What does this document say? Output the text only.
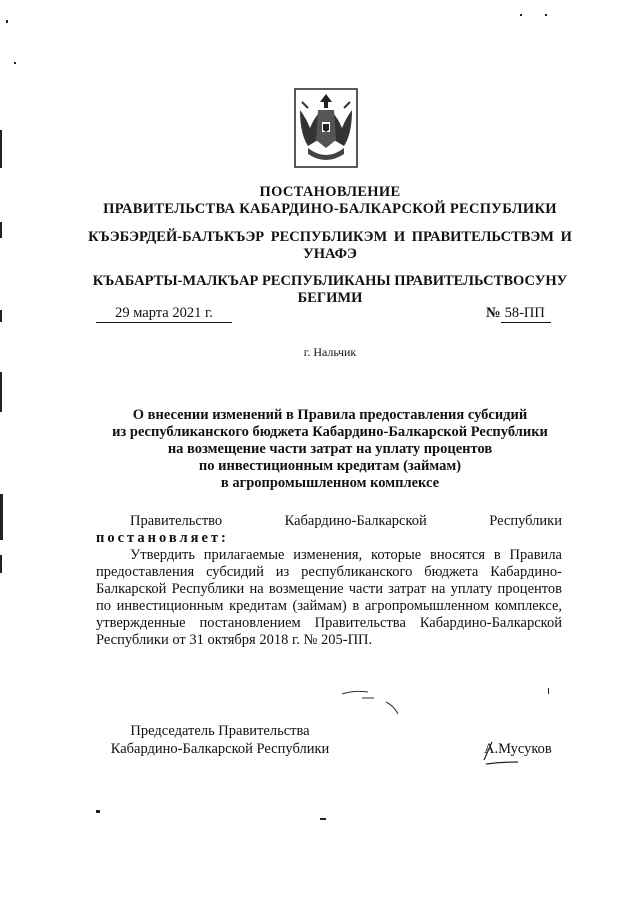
ПОСТАНОВЛЕНИЕ
ПРАВИТЕЛЬСТВА КАБАРДИНО-БАЛКАРСКОЙ РЕСПУБЛИКИ
КЪЭБЭРДЕЙ-БАЛЪКЪЭР РЕСПУБЛИКЭМ И ПРАВИТЕЛЬСТВЭМ И УНАФЭ
КЪАБАРТЫ-МАЛКЪАР РЕСПУБЛИКАНЫ ПРАВИТЕЛЬСТВОСУНУ БЕГИМИ
29 марта 2021 г.	№ 58-ПП
г. Нальчик
О внесении изменений в Правила предоставления субсидий
из республиканского бюджета Кабардино-Балкарской Республики
на возмещение части затрат на уплату процентов
по инвестиционным кредитам (займам)
в агропромышленном комплексе
Правительство Кабардино-Балкарской Республики
постановляет:
Утвердить прилагаемые изменения, которые вносятся в Правила предоставления субсидий из республиканского бюджета Кабардино-Балкарской Республики на возмещение части затрат на уплату процентов по инвестиционным кредитам (займам) в агропромышленном комплексе, утвержденные постановлением Правительства Кабардино-Балкарской Республики от 31 октября 2018 г. № 205-ПП.
Председатель Правительства
Кабардино-Балкарской Республики	А.Мусуков
